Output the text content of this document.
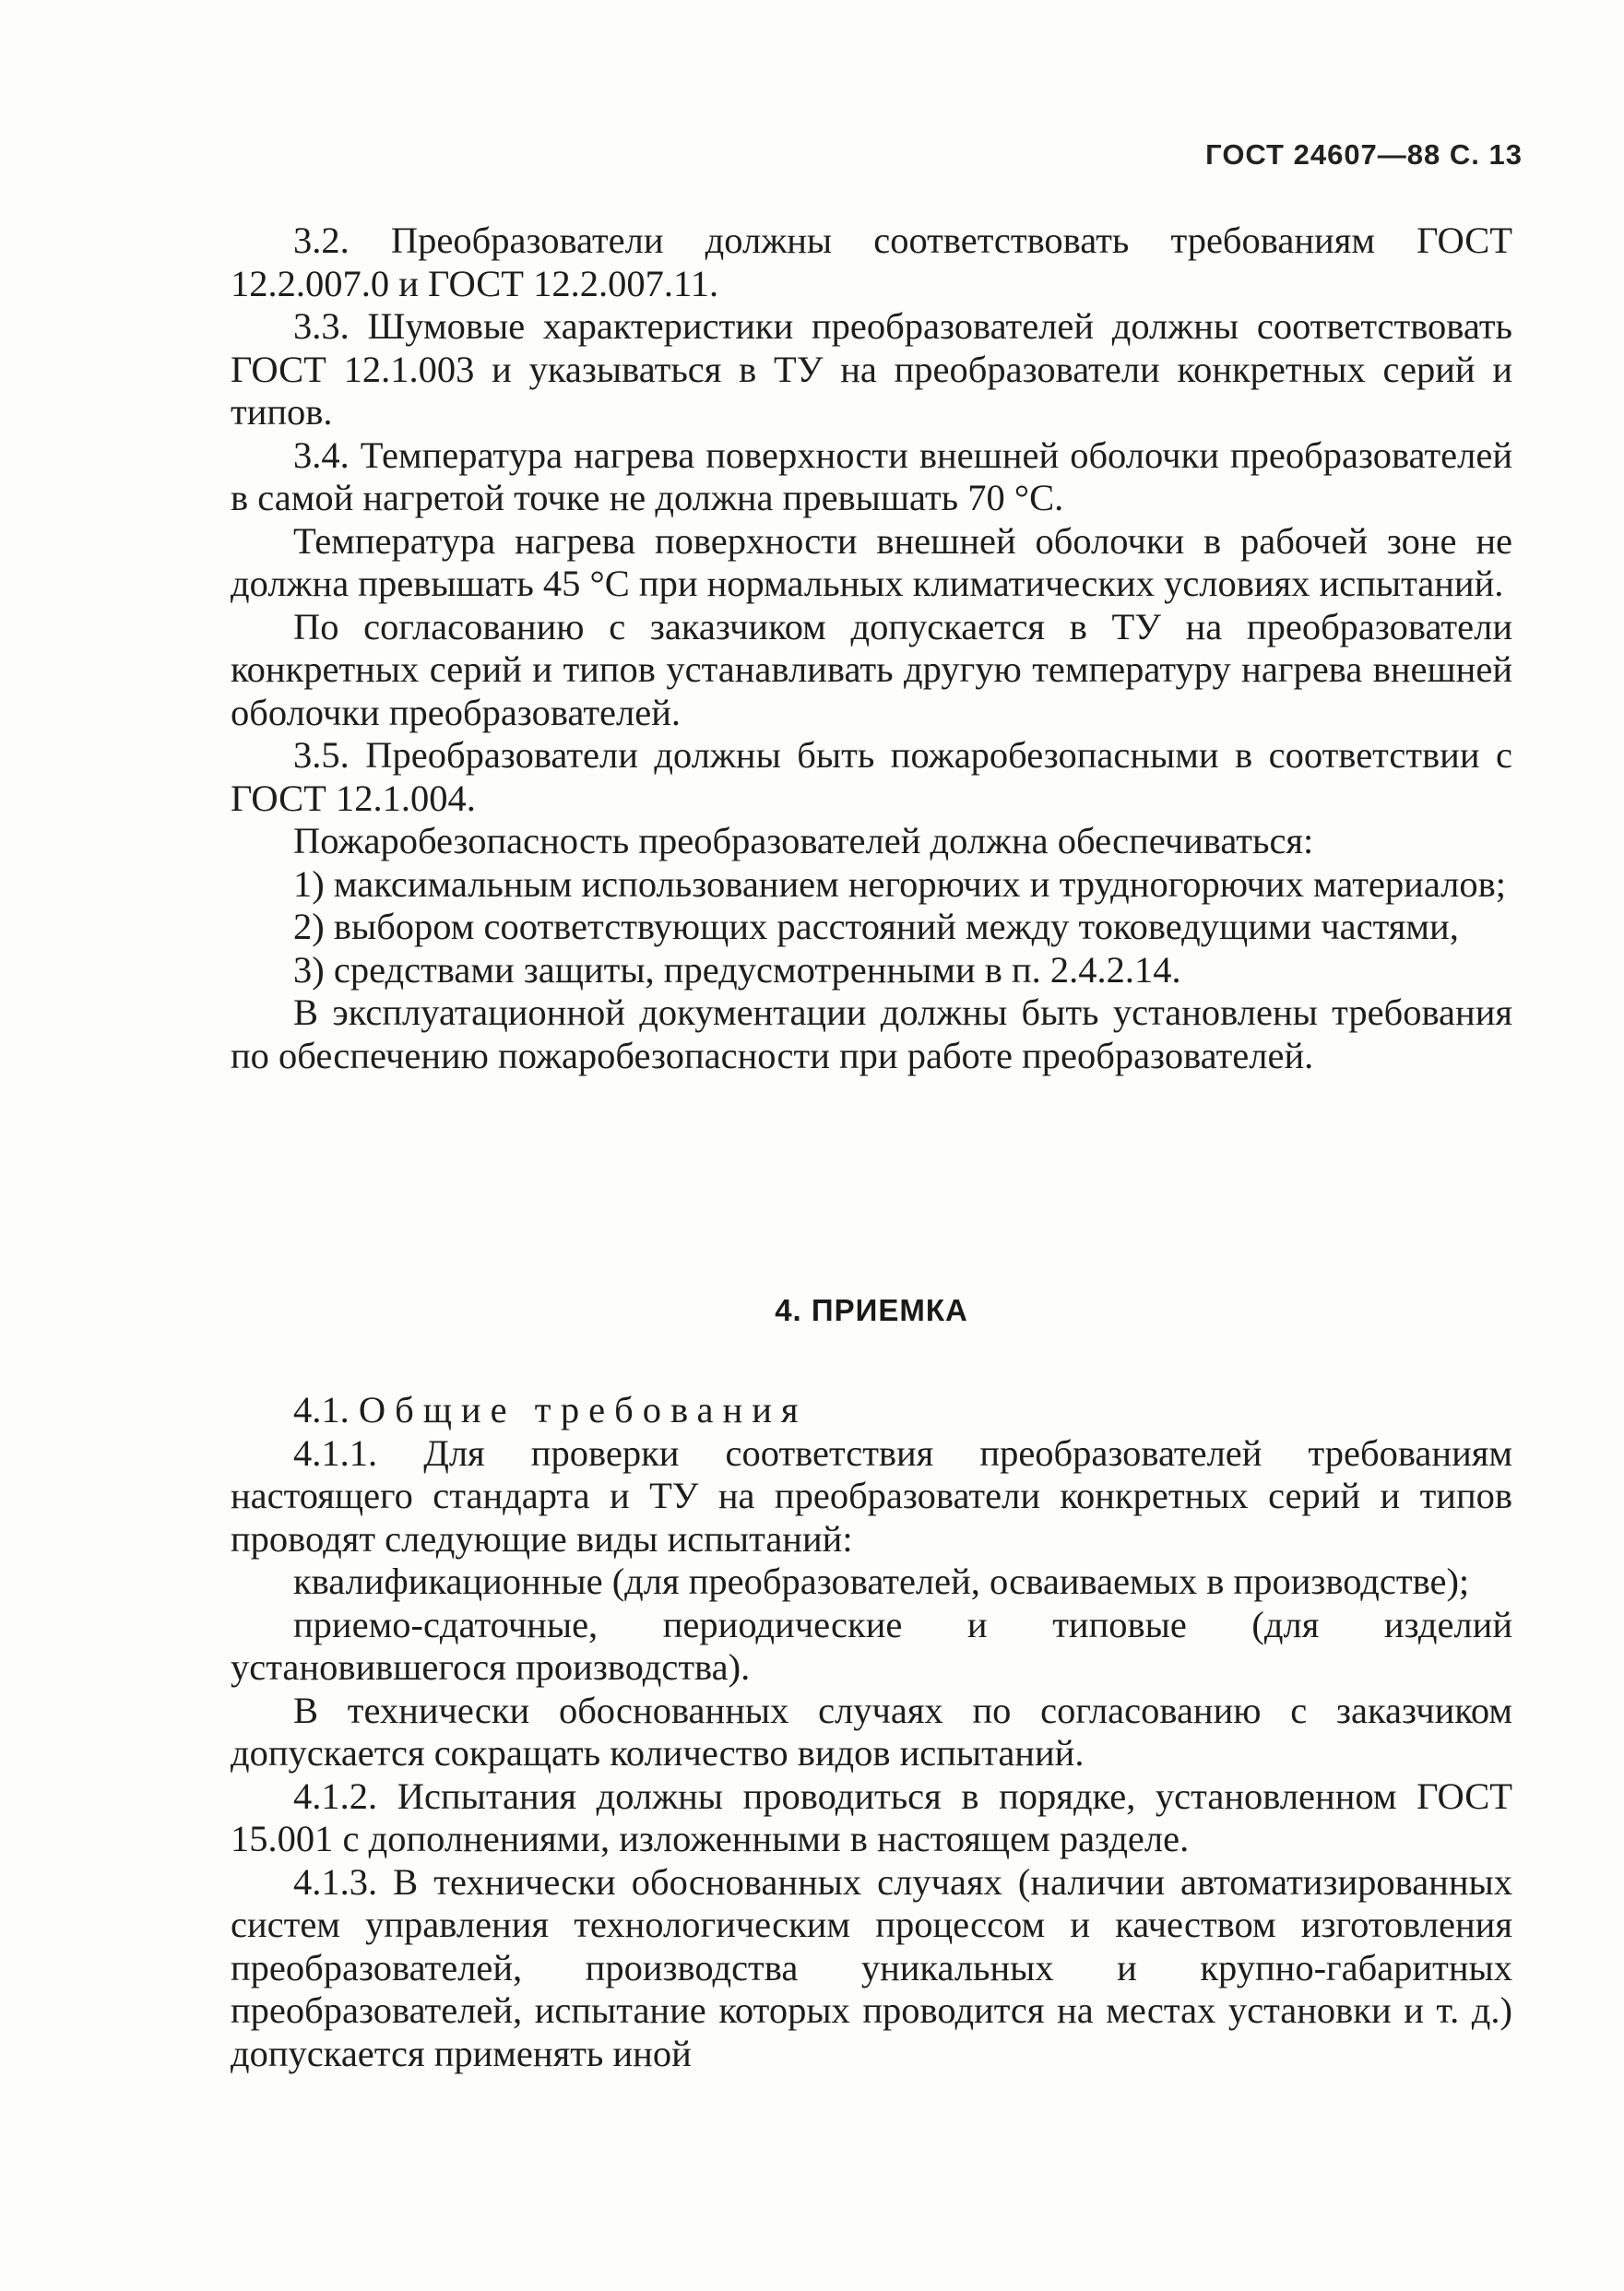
ГОСТ 24607—88 С. 13

3.2. Преобразователи должны соответствовать требованиям ГОСТ 12.2.007.0 и ГОСТ 12.2.007.11.

3.3. Шумовые характеристики преобразователей должны соответствовать ГОСТ 12.1.003 и указываться в ТУ на преобразователи конкретных серий и типов.

3.4. Температура нагрева поверхности внешней оболочки преобразователей в самой нагретой точке не должна превышать 70 °С.

Температура нагрева поверхности внешней оболочки в рабочей зоне не должна превышать 45 °С при нормальных климатических условиях испытаний.

По согласованию с заказчиком допускается в ТУ на преобразователи конкретных серий и типов устанавливать другую температуру нагрева внешней оболочки преобразователей.

3.5. Преобразователи должны быть пожаробезопасными в соответствии с ГОСТ 12.1.004.

Пожаробезопасность преобразователей должна обеспечиваться:

1) максимальным использованием негорючих и трудногорючих материалов;

2) выбором соответствующих расстояний между токоведущими частями,

3) средствами защиты, предусмотренными в п. 2.4.2.14.

В эксплуатационной документации должны быть установлены требования по обеспечению пожаробезопасности при работе преобразователей.

4. ПРИЕМКА

4.1. Общие требования

4.1.1. Для проверки соответствия преобразователей требованиям настоящего стандарта и ТУ на преобразователи конкретных серий и типов проводят следующие виды испытаний:

квалификационные (для преобразователей, осваиваемых в производстве);

приемо-сдаточные, периодические и типовые (для изделий установившегося производства).

В технически обоснованных случаях по согласованию с заказчиком допускается сокращать количество видов испытаний.

4.1.2. Испытания должны проводиться в порядке, установленном ГОСТ 15.001 с дополнениями, изложенными в настоящем разделе.

4.1.3. В технически обоснованных случаях (наличии автоматизированных систем управления технологическим процессом и качеством изготовления преобразователей, производства уникальных и крупно-габаритных преобразователей, испытание которых проводится на местах установки и т. д.) допускается применять иной
